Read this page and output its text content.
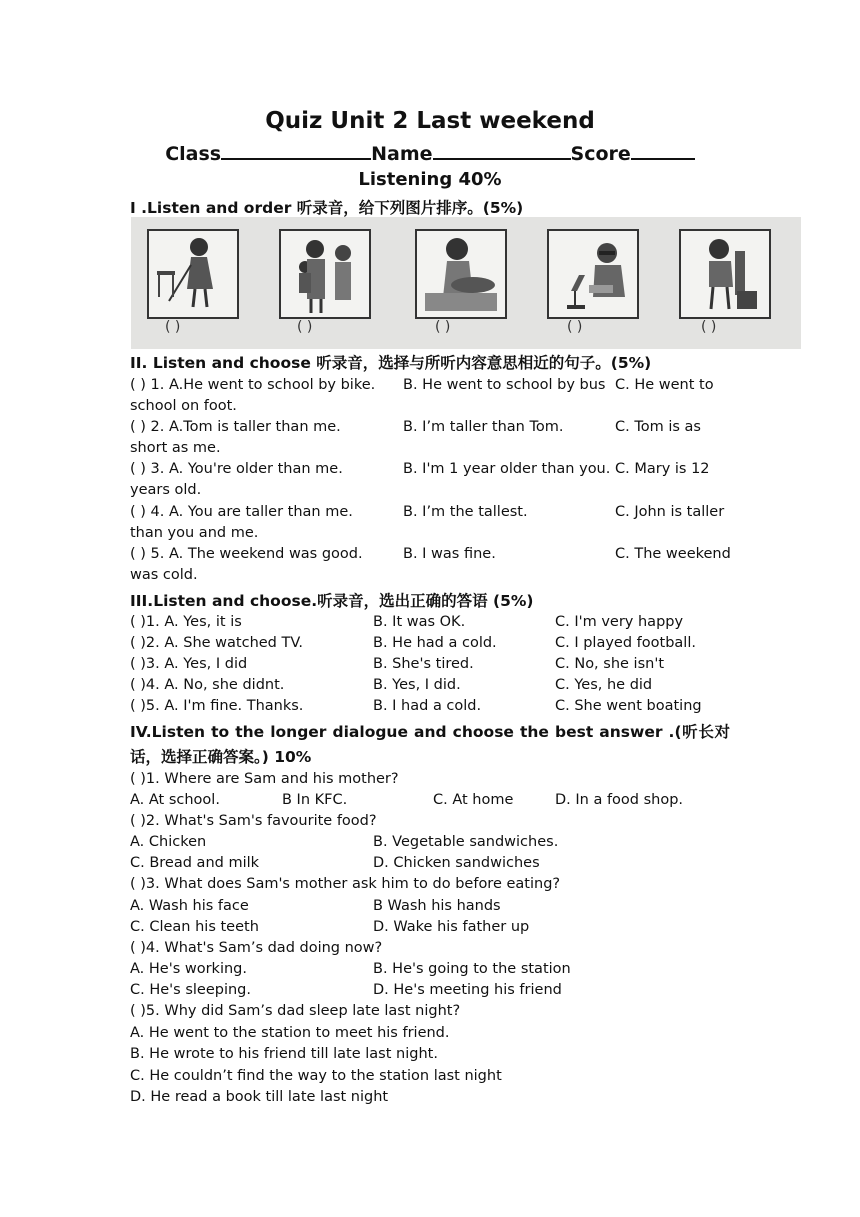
Quiz Unit 2 Last weekend
Class	Name	Score
Listening 40%
I .Listen and order 听录音，给下列图片排序。(5%)
( )	( )	( )	( )	( )
II. Listen and choose 听录音，选择与所听内容意思相近的句子。(5%)
( ) 1. A.He went to school by bike. B. He went to school by bus C. He went to
school on foot.
( ) 2. A.Tom is taller than me.	B. I’m taller than Tom.	C. Tom is as
short as me.
( ) 3. A. You're older than me.	B. I'm 1 year older than you. C. Mary is 12
years old.
( ) 4. A. You are taller than me.	B. I’m the tallest.	C. John is taller
than you and me.
( ) 5. A. The weekend was good.	B. I was fine.	C. The weekend
was cold.
III.Listen and choose.听录音，选出正确的答语 (5%)
( )1. A. Yes, it is	B. It was OK.	C. I'm very happy
( )2. A. She watched TV.	B. He had a cold.	C. I played football.
( )3. A. Yes, I did	B. She's tired.	C. No, she isn't
( )4. A. No, she didnt.	B. Yes, I did.	C. Yes, he did
( )5. A. I'm fine. Thanks.	B. I had a cold.	C. She went boating
IV.Listen to the longer dialogue and choose the best answer .(听长对
话，选择正确答案。) 10%
( )1. Where are Sam and his mother?
A. At school.	B In KFC.	C. At home	D. In a food shop.
( )2. What's Sam's favourite food?
A. Chicken	B. Vegetable sandwiches.
C. Bread and milk	D. Chicken sandwiches
( )3. What does Sam's mother ask him to do before eating?
A. Wash his face	B Wash his hands
C. Clean his teeth	D. Wake his father up
( )4. What's Sam’s dad doing now?
A. He's working.	B. He's going to the station
C. He's sleeping.	D. He's meeting his friend
( )5. Why did Sam’s dad sleep late last night?
A. He went to the station to meet his friend.
B. He wrote to his friend till late last night.
C. He couldn’t find the way to the station last night
D. He read a book till late last night
